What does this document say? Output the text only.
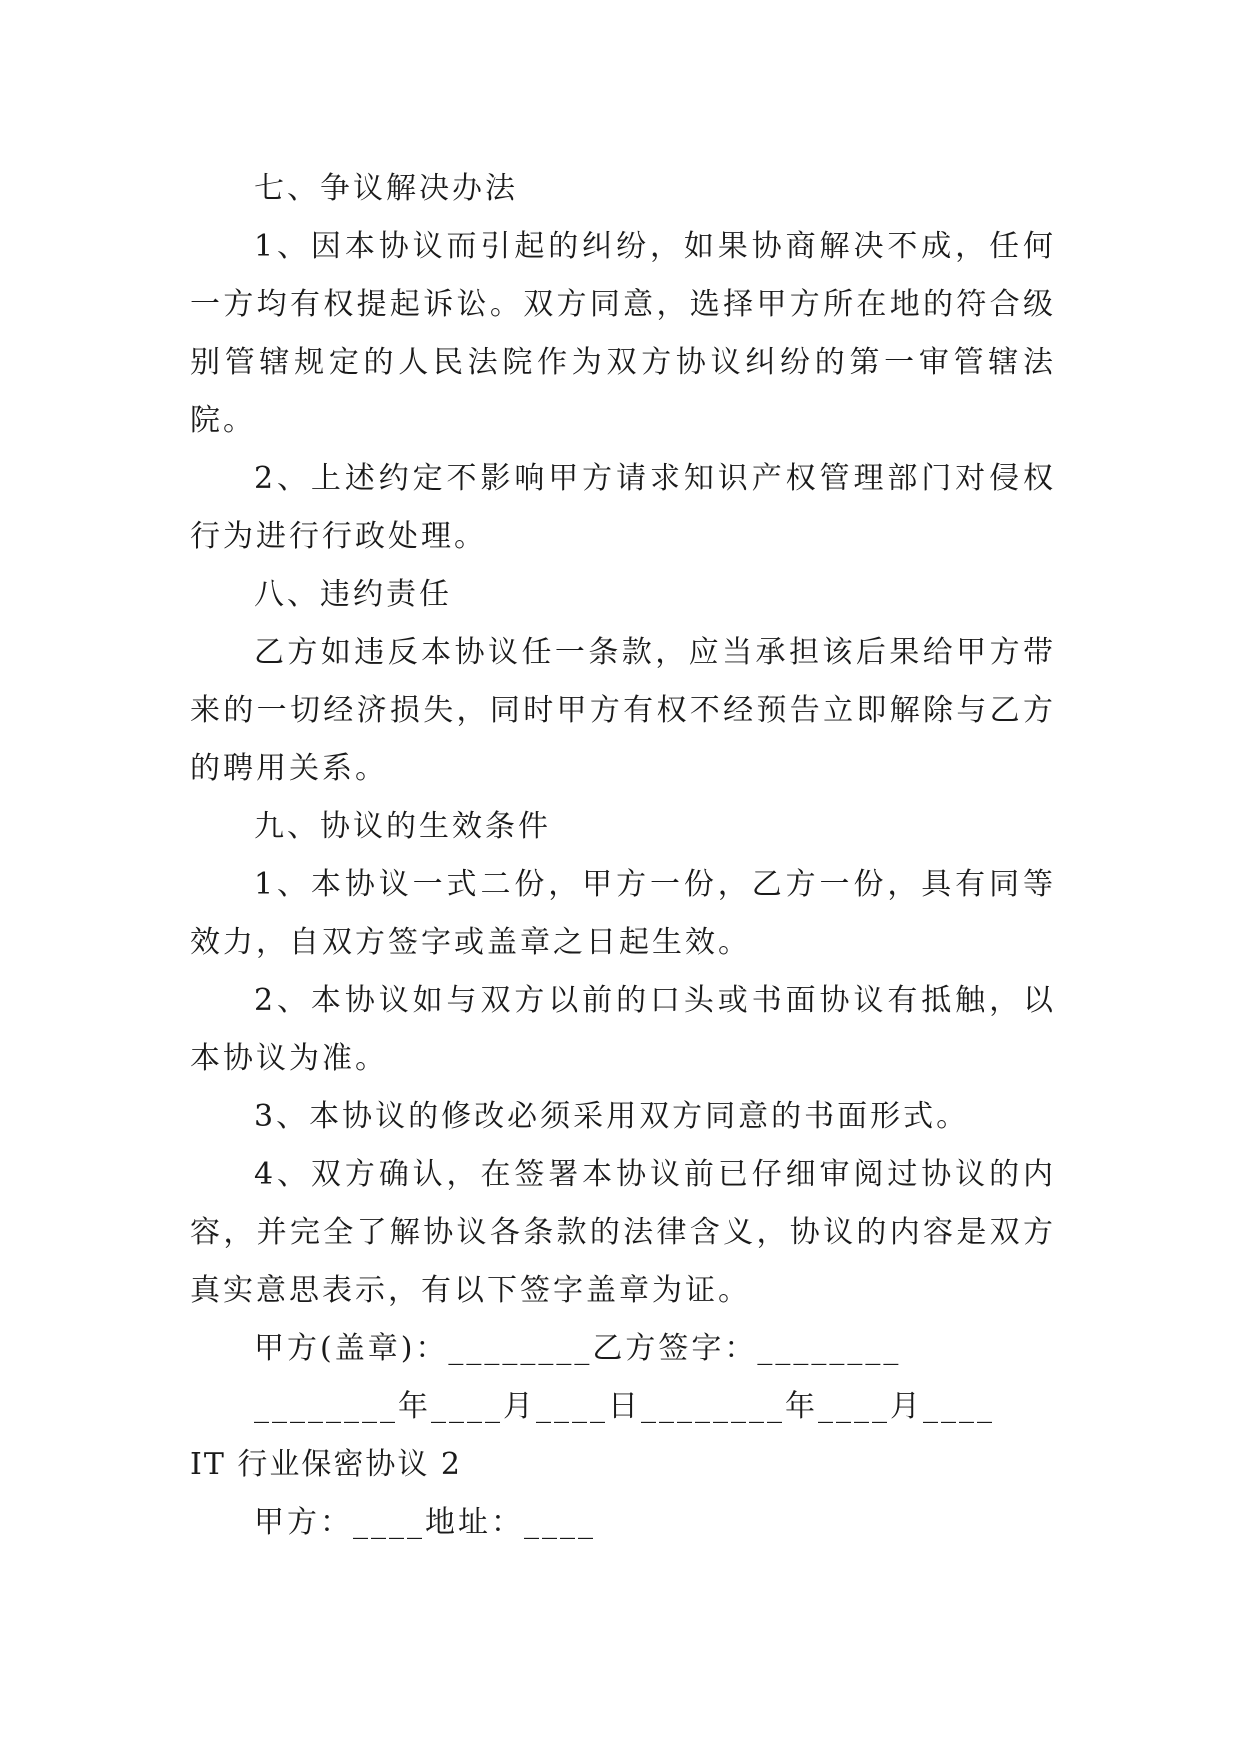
七、争议解决办法

1、因本协议而引起的纠纷，如果协商解决不成，任何一方均有权提起诉讼。双方同意，选择甲方所在地的符合级别管辖规定的人民法院作为双方协议纠纷的第一审管辖法院。

2、上述约定不影响甲方请求知识产权管理部门对侵权行为进行行政处理。

八、违约责任

乙方如违反本协议任一条款，应当承担该后果给甲方带来的一切经济损失，同时甲方有权不经预告立即解除与乙方的聘用关系。

九、协议的生效条件

1、本协议一式二份，甲方一份，乙方一份，具有同等效力，自双方签字或盖章之日起生效。

2、本协议如与双方以前的口头或书面协议有抵触，以本协议为准。

3、本协议的修改必须采用双方同意的书面形式。

4、双方确认，在签署本协议前已仔细审阅过协议的内容，并完全了解协议各条款的法律含义，协议的内容是双方真实意思表示，有以下签字盖章为证。

甲方(盖章)：________乙方签字：________

________年____月____日________年____月____

IT 行业保密协议 2

甲方：____地址：____
